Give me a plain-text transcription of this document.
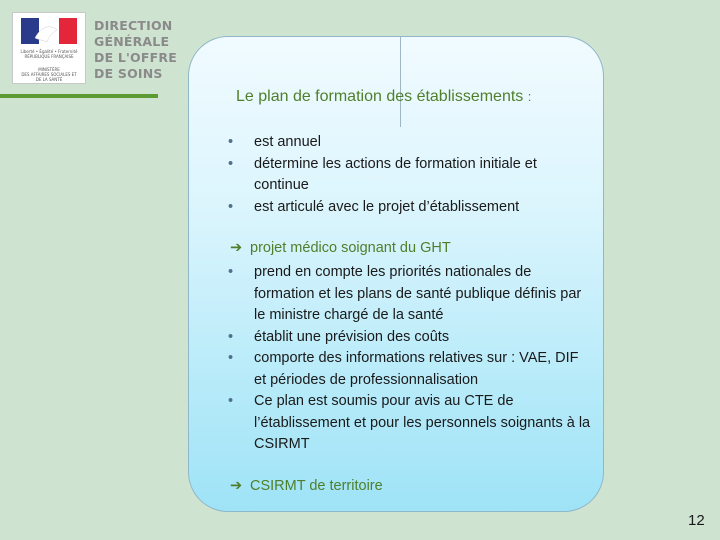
Liberté • Égalité • Fraternité
RÉPUBLIQUE FRANÇAISE
MINISTÈRE
DES AFFAIRES SOCIALES ET DE LA SANTÉ
DIRECTION
GÉNÉRALE
DE L'OFFRE
DE SOINS
Le plan de formation des établissements :
• est annuel
• détermine les actions de formation initiale et continue
• est articulé avec le projet d’établissement
➔ projet médico soignant du GHT
• prend en compte les priorités nationales de formation et les plans de santé publique définis par le ministre chargé de la santé
• établit une prévision des coûts
• comporte des informations relatives sur : VAE, DIF et périodes de professionnalisation
• Ce plan est soumis pour avis au CTE de l’établissement et pour les personnels soignants à la CSIRMT
➔ CSIRMT de territoire
12
